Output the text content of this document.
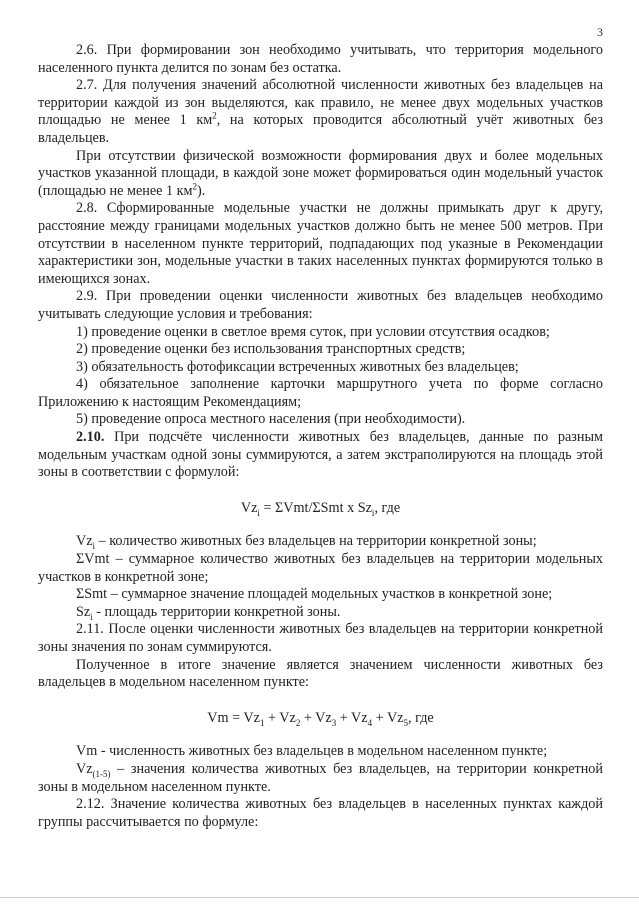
3

2.6. При формировании зон необходимо учитывать, что территория модельного населенного пункта делится по зонам без остатка.

2.7. Для получения значений абсолютной численности животных без владельцев на территории каждой из зон выделяются, как правило, не менее двух модельных участков площадью не менее 1 $км^2$, на которых проводится абсолютный учёт животных без владельцев.

При отсутствии физической возможности формирования двух и более модельных участков указанной площади, в каждой зоне может формироваться один модельный участок (площадью не менее 1 $км^2$).

2.8. Сформированные модельные участки не должны примыкать друг к другу, расстояние между границами модельных участков должно быть не менее 500 метров. При отсутствии в населенном пункте территорий, подпадающих под указные в Рекомендации характеристики зон, модельные участки в таких населенных пунктах формируются только в имеющихся зонах.

2.9. При проведении оценки численности животных без владельцев необходимо учитывать следующие условия и требования:

1) проведение оценки в светлое время суток, при условии отсутствия осадков;

2) проведение оценки без использования транспортных средств;

3) обязательность фотофиксации встреченных животных без владельцев;

4) обязательное заполнение карточки маршрутного учета по форме согласно Приложению к настоящим Рекомендациям;

5) проведение опроса местного населения (при необходимости).

2.10. При подсчёте численности животных без владельцев, данные по разным модельным участкам одной зоны суммируются, а затем экстраполируются на площадь этой зоны в соответствии с формулой:

$Vz_i = \Sigma Vmt/\Sigma Smt$ x $Sz_i$, где

$Vz_i$ – количество животных без владельцев на территории конкретной зоны;

ΣVmt – суммарное количество животных без владельцев на территории модельных участков в конкретной зоне;

ΣSmt – суммарное значение площадей модельных участков в конкретной зоне;

$Sz_i$ - площадь территории конкретной зоны.

2.11. После оценки численности животных без владельцев на территории конкретной зоны значения по зонам суммируются.

Полученное в итоге значение является значением численности животных без владельцев в модельном населенном пункте:

$Vm = Vz_1 + Vz_2 + Vz_3 + Vz_4 + Vz_5$, где

Vm - численность животных без владельцев в модельном населенном пункте;

$Vz_{(1-5)}$ – значения количества животных без владельцев, на территории конкретной зоны в модельном населенном пункте.

2.12. Значение количества животных без владельцев в населенных пунктах каждой группы рассчитывается по формуле:
